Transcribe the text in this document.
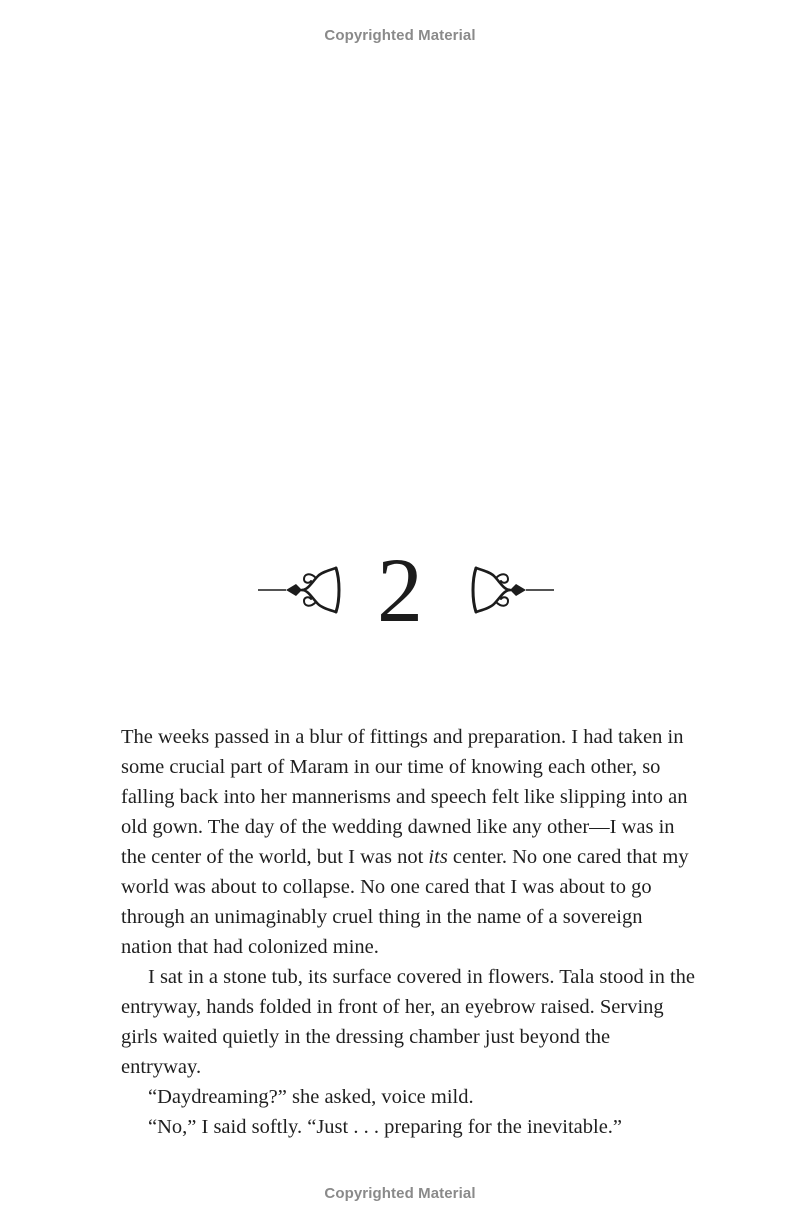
Copyrighted Material
2

The weeks passed in a blur of fittings and preparation. I had taken in some crucial part of Maram in our time of knowing each other, so falling back into her mannerisms and speech felt like slipping into an old gown. The day of the wedding dawned like any other—I was in the center of the world, but I was not its center. No one cared that my world was about to collapse. No one cared that I was about to go through an unimaginably cruel thing in the name of a sovereign nation that had colonized mine.

I sat in a stone tub, its surface covered in flowers. Tala stood in the entryway, hands folded in front of her, an eyebrow raised. Serving girls waited quietly in the dressing chamber just beyond the entryway.

“Daydreaming?” she asked, voice mild.

“No,” I said softly. “Just . . . preparing for the inevitable.”

Copyrighted Material
